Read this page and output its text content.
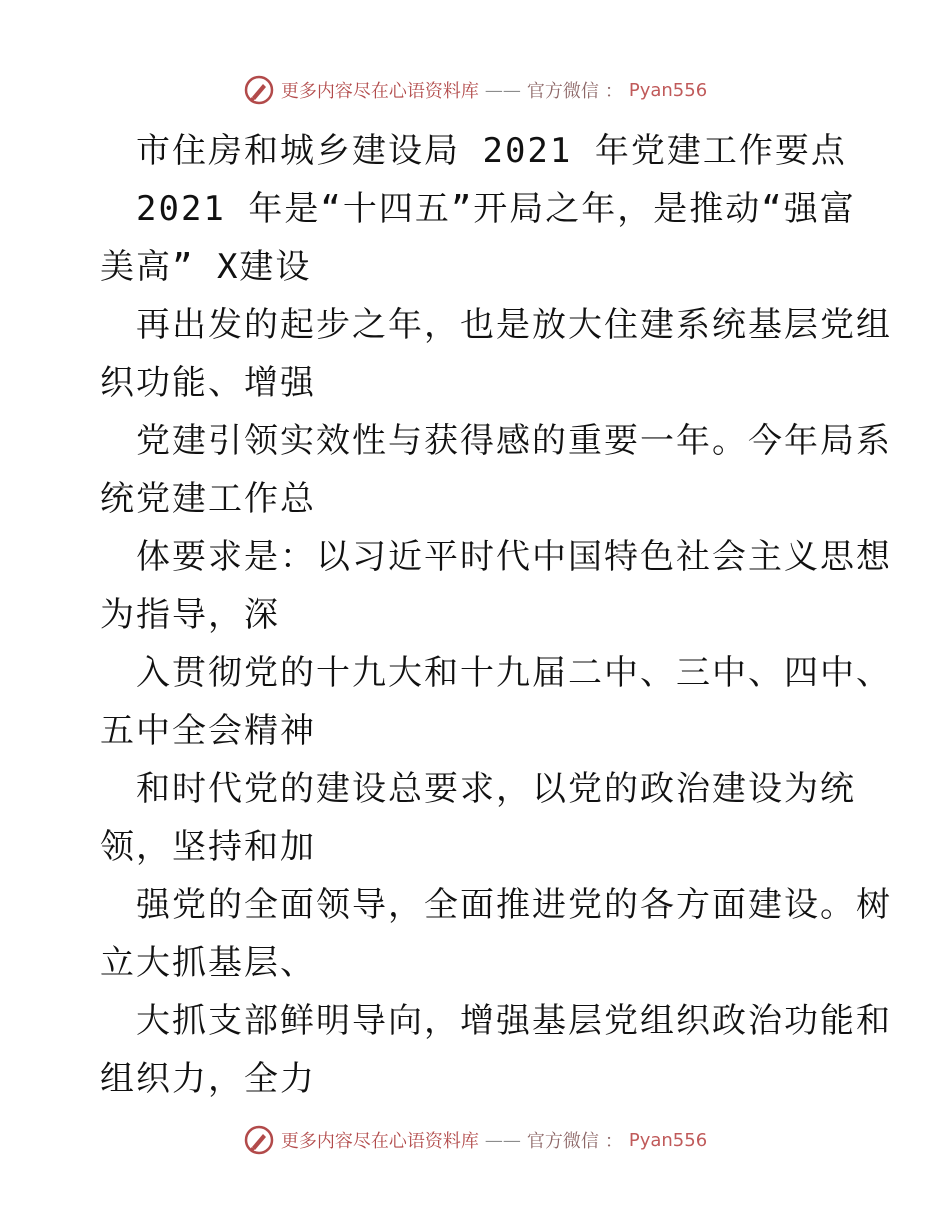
更多内容尽在心语资料库 —— 官方微信 ： Pyan556
市住房和城乡建设局 2021 年党建工作要点
2021 年是“十四五”开局之年，是推动“强富
美高” X建设
再出发的起步之年，也是放大住建系统基层党组
织功能、增强
党建引领实效性与获得感的重要一年。今年局系
统党建工作总
体要求是：以习近平时代中国特色社会主义思想
为指导，深
入贯彻党的十九大和十九届二中、三中、四中、
五中全会精神
和时代党的建设总要求，以党的政治建设为统
领，坚持和加
强党的全面领导，全面推进党的各方面建设。树
立大抓基层、
大抓支部鲜明导向，增强基层党组织政治功能和
组织力，全力
更多内容尽在心语资料库 —— 官方微信 ： Pyan556
